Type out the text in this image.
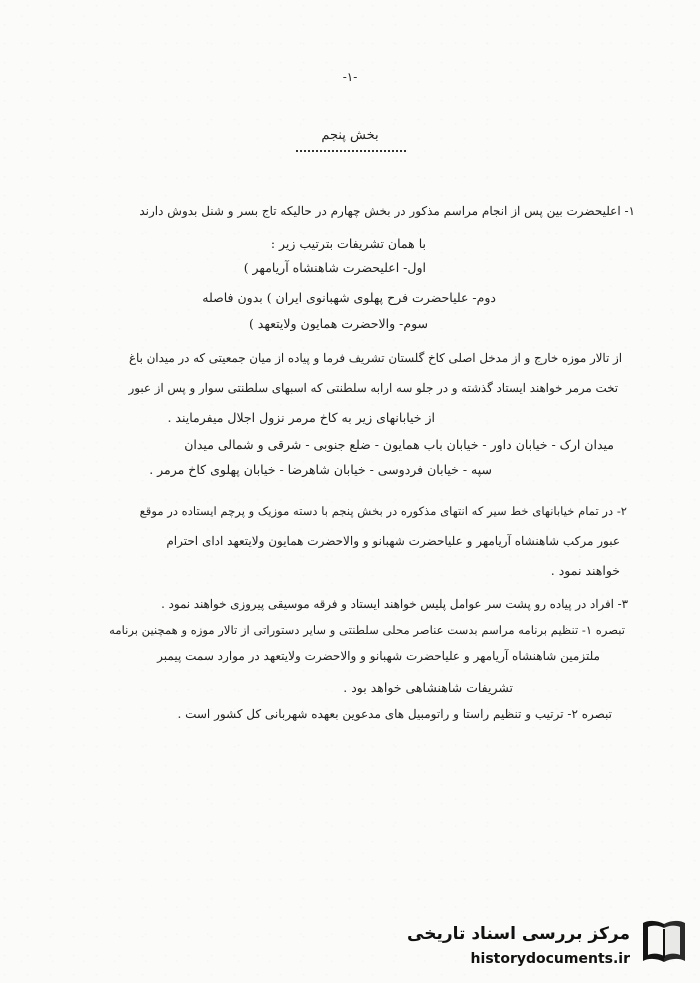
-۱-
بخش پنجم
۱- اعلیحضرت بین پس از انجام مراسم مذکور در بخش چهارم در حالیکه تاج بسر و شنل بدوش دارند
با همان تشریفات بترتیب زیر :
اول- اعلیحضرت شاهنشاه آریامهر )
دوم- علیاحضرت فرح پهلوی شهبانوی ایران ) بدون فاصله
سوم- والاحضرت همایون ولایتعهد )
از تالار موزه خارج و از مدخل اصلی کاخ گلستان تشریف فرما و پیاده از میان جمعیتی که در میدان باغ
تخت مرمر خواهند ایستاد گذشته و در جلو سه ارابه سلطنتی که اسبهای سلطنتی سوار و پس از عبور
از خیابانهای زیر به کاخ مرمر نزول اجلال میفرمایند .
میدان ارک - خیابان داور - خیابان باب همایون - ضلع جنوبی - شرقی و شمالی میدان
سپه - خیابان فردوسی - خیابان شاهرضا - خیابان پهلوی کاخ مرمر .
۲- در تمام خیابانهای خط سیر که انتهای مذکوره در بخش پنجم با دسته موزیک و پرچم ایستاده در موقع
عبور مرکب شاهنشاه آریامهر و علیاحضرت شهبانو و والاحضرت همایون ولایتعهد ادای احترام
خواهند نمود .
۳- افراد در پیاده رو پشت سر عوامل پلیس خواهند ایستاد و فرقه موسیقی پیروزی خواهند نمود .
تبصره ۱- تنظیم برنامه مراسم بدست عناصر محلی سلطنتی و سایر دستوراتی از تالار موزه و همچنین برنامه
ملتزمین شاهنشاه آریامهر و علیاحضرت شهبانو و والاحضرت ولایتعهد در موارد سمت پیمبر
تشریفات شاهنشاهی خواهد بود .
تبصره ۲- ترتیب و تنظیم راستا و راتومبیل های مدعوین بعهده شهربانی کل کشور است .
مرکز بررسی اسناد تاریخی
historydocuments.ir
